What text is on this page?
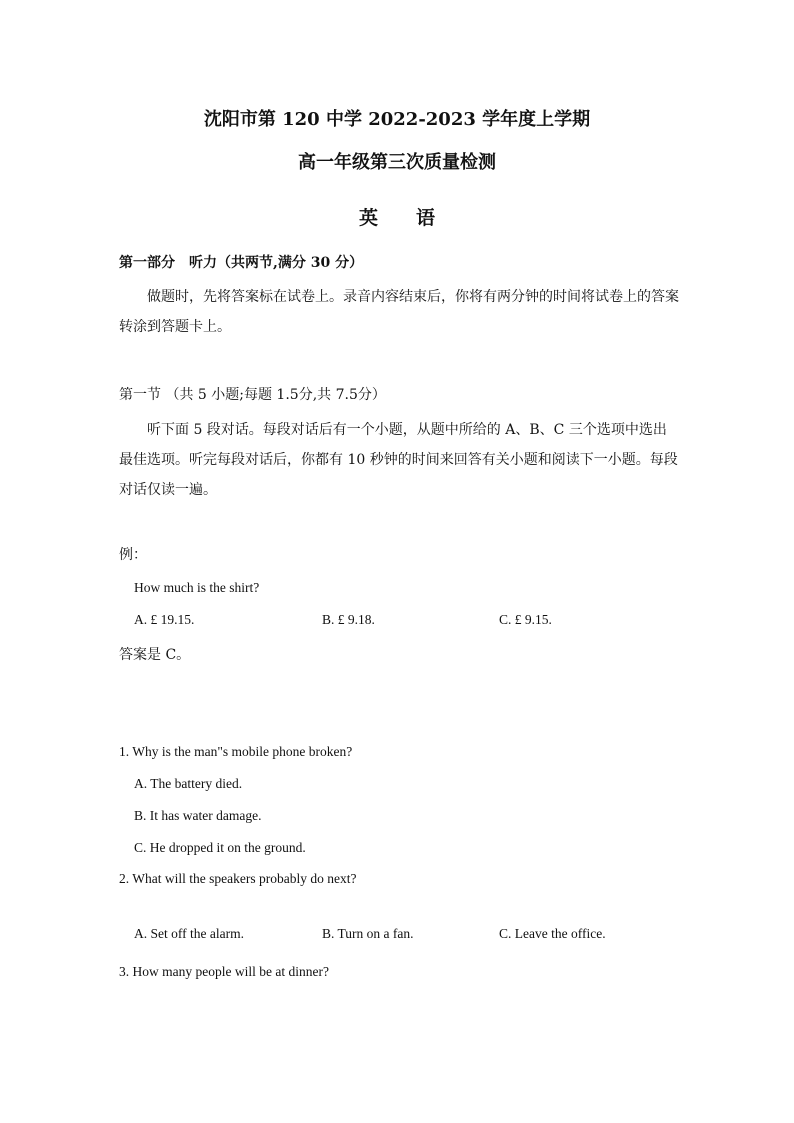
沈阳市第 120 中学 2022-2023 学年度上学期
高一年级第三次质量检测
英　　语
第一部分　听力（共两节,满分 30 分）
做题时，先将答案标在试卷上。录音内容结束后，你将有两分钟的时间将试卷上的答案转涂到答题卡上。
第一节 （共 5 小题;每题 1.5分,共 7.5分）
听下面 5 段对话。每段对话后有一个小题，从题中所给的 A、B、C 三个选项中选出最佳选项。听完每段对话后，你都有 10 秒钟的时间来回答有关小题和阅读下一小题。每段对话仅读一遍。
例：
How much is the shirt?
A. £ 19.15.	B. £ 9.18.	C. £ 9.15.
答案是 C。
1. Why is the man"s mobile phone broken?
A. The battery died.
B. It has water damage.
C. He dropped it on the ground.
2. What will the speakers probably do next?
A. Set off the alarm.	B. Turn on a fan.	C. Leave the office.
3. How many people will be at dinner?
